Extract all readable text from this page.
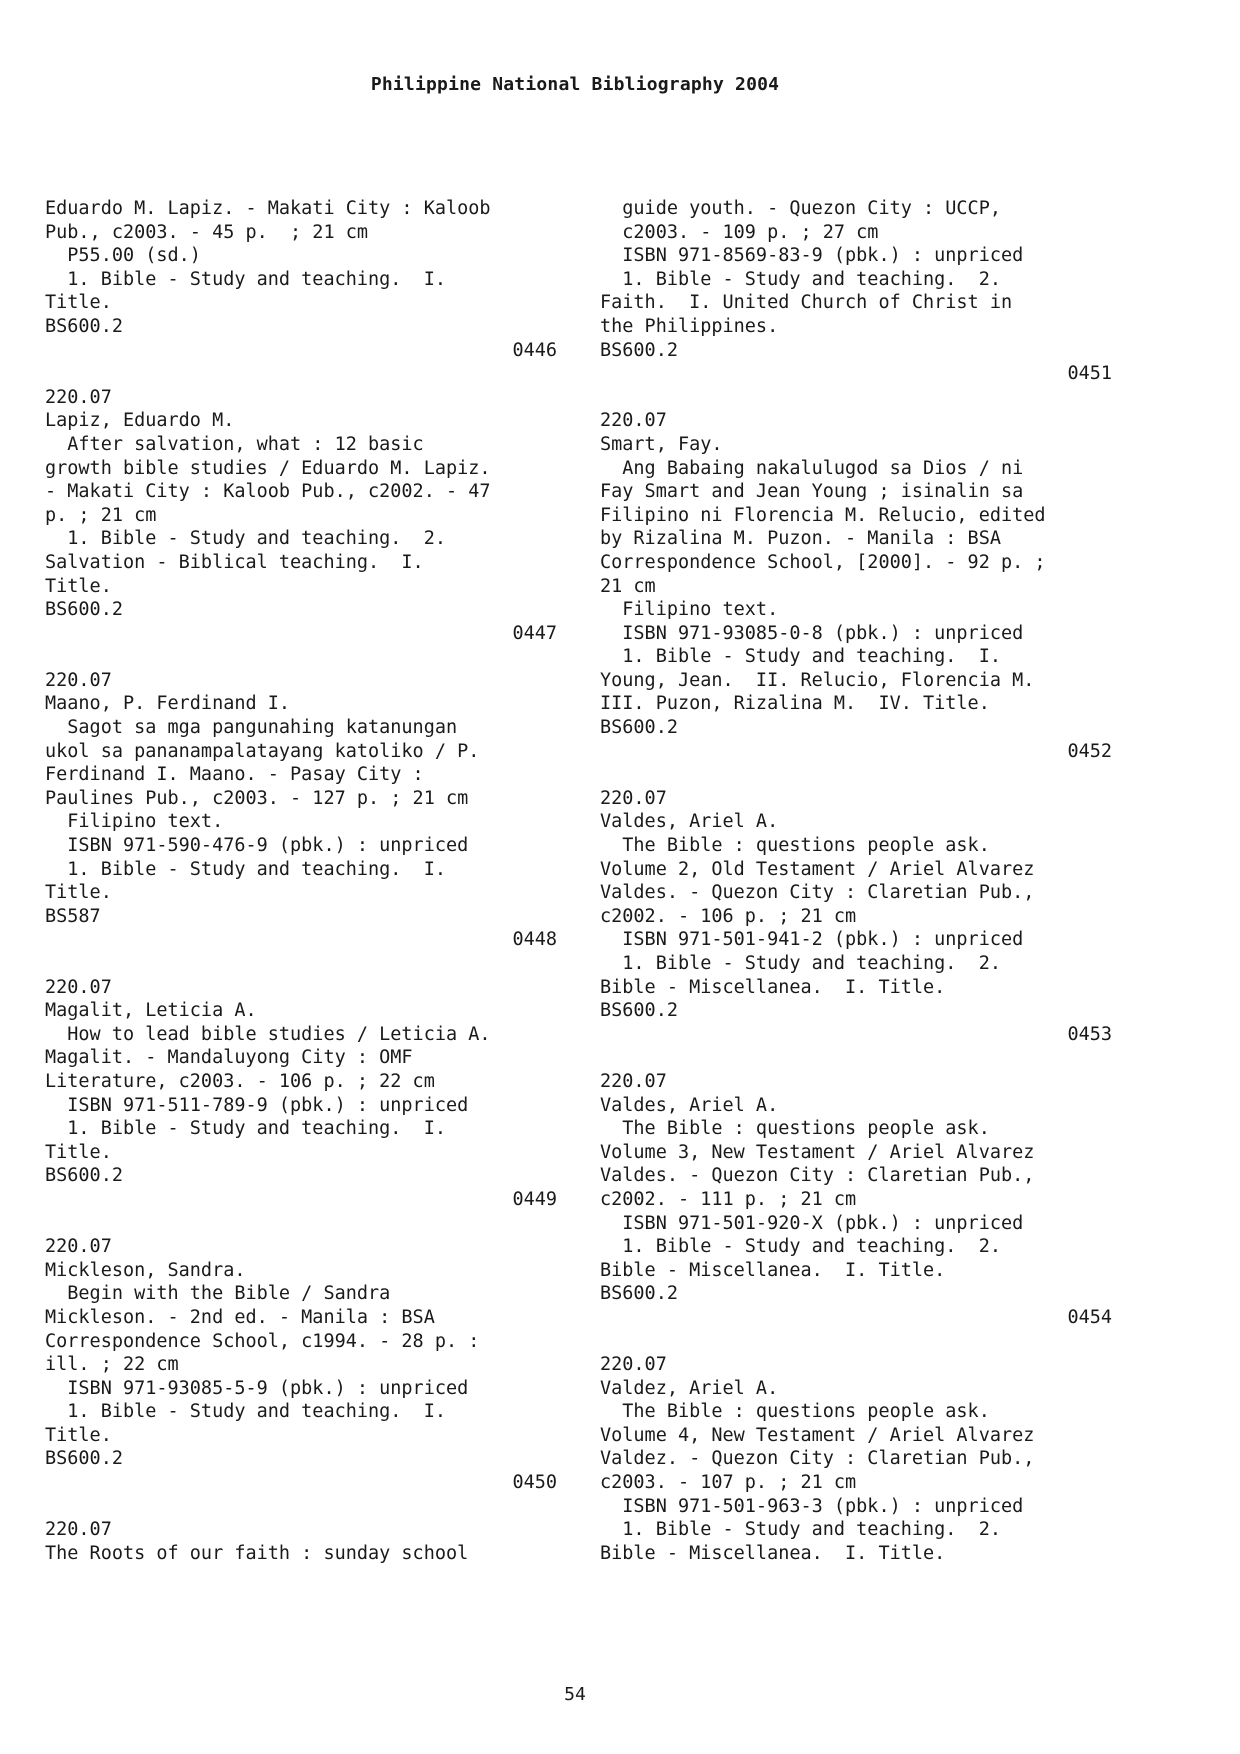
Philippine National Bibliography 2004
Eduardo M. Lapiz. - Makati City : Kaloob
Pub., c2003. - 45 p.  ; 21 cm
P55.00 (sd.)
1. Bible - Study and teaching.  I.
Title.
BS600.2
0446
220.07
Lapiz, Eduardo M.
After salvation, what : 12 basic
growth bible studies / Eduardo M. Lapiz.
- Makati City : Kaloob Pub., c2002. - 47
p. ; 21 cm
1. Bible - Study and teaching.  2.
Salvation - Biblical teaching.  I.
Title.
BS600.2
0447
220.07
Maano, P. Ferdinand I.
Sagot sa mga pangunahing katanungan
ukol sa pananampalatayang katoliko / P.
Ferdinand I. Maano. - Pasay City :
Paulines Pub., c2003. - 127 p. ; 21 cm
Filipino text.
ISBN 971-590-476-9 (pbk.) : unpriced
1. Bible - Study and teaching.  I.
Title.
BS587
0448
220.07
Magalit, Leticia A.
How to lead bible studies / Leticia A.
Magalit. - Mandaluyong City : OMF
Literature, c2003. - 106 p. ; 22 cm
ISBN 971-511-789-9 (pbk.) : unpriced
1. Bible - Study and teaching.  I.
Title.
BS600.2
0449
220.07
Mickleson, Sandra.
Begin with the Bible / Sandra
Mickleson. - 2nd ed. - Manila : BSA
Correspondence School, c1994. - 28 p. :
ill. ; 22 cm
ISBN 971-93085-5-9 (pbk.) : unpriced
1. Bible - Study and teaching.  I.
Title.
BS600.2
0450
220.07
The Roots of our faith : sunday school
guide youth. - Quezon City : UCCP,
c2003. - 109 p. ; 27 cm
ISBN 971-8569-83-9 (pbk.) : unpriced
1. Bible - Study and teaching.  2.
Faith.  I. United Church of Christ in
the Philippines.
BS600.2
0451
220.07
Smart, Fay.
Ang Babaing nakalulugod sa Dios / ni
Fay Smart and Jean Young ; isinalin sa
Filipino ni Florencia M. Relucio, edited
by Rizalina M. Puzon. - Manila : BSA
Correspondence School, [2000]. - 92 p. ;
21 cm
Filipino text.
ISBN 971-93085-0-8 (pbk.) : unpriced
1. Bible - Study and teaching.  I.
Young, Jean.  II. Relucio, Florencia M.
III. Puzon, Rizalina M.  IV. Title.
BS600.2
0452
220.07
Valdes, Ariel A.
The Bible : questions people ask.
Volume 2, Old Testament / Ariel Alvarez
Valdes. - Quezon City : Claretian Pub.,
c2002. - 106 p. ; 21 cm
ISBN 971-501-941-2 (pbk.) : unpriced
1. Bible - Study and teaching.  2.
Bible - Miscellanea.  I. Title.
BS600.2
0453
220.07
Valdes, Ariel A.
The Bible : questions people ask.
Volume 3, New Testament / Ariel Alvarez
Valdes. - Quezon City : Claretian Pub.,
c2002. - 111 p. ; 21 cm
ISBN 971-501-920-X (pbk.) : unpriced
1. Bible - Study and teaching.  2.
Bible - Miscellanea.  I. Title.
BS600.2
0454
220.07
Valdez, Ariel A.
The Bible : questions people ask.
Volume 4, New Testament / Ariel Alvarez
Valdez. - Quezon City : Claretian Pub.,
c2003. - 107 p. ; 21 cm
ISBN 971-501-963-3 (pbk.) : unpriced
1. Bible - Study and teaching.  2.
Bible - Miscellanea.  I. Title.
54
